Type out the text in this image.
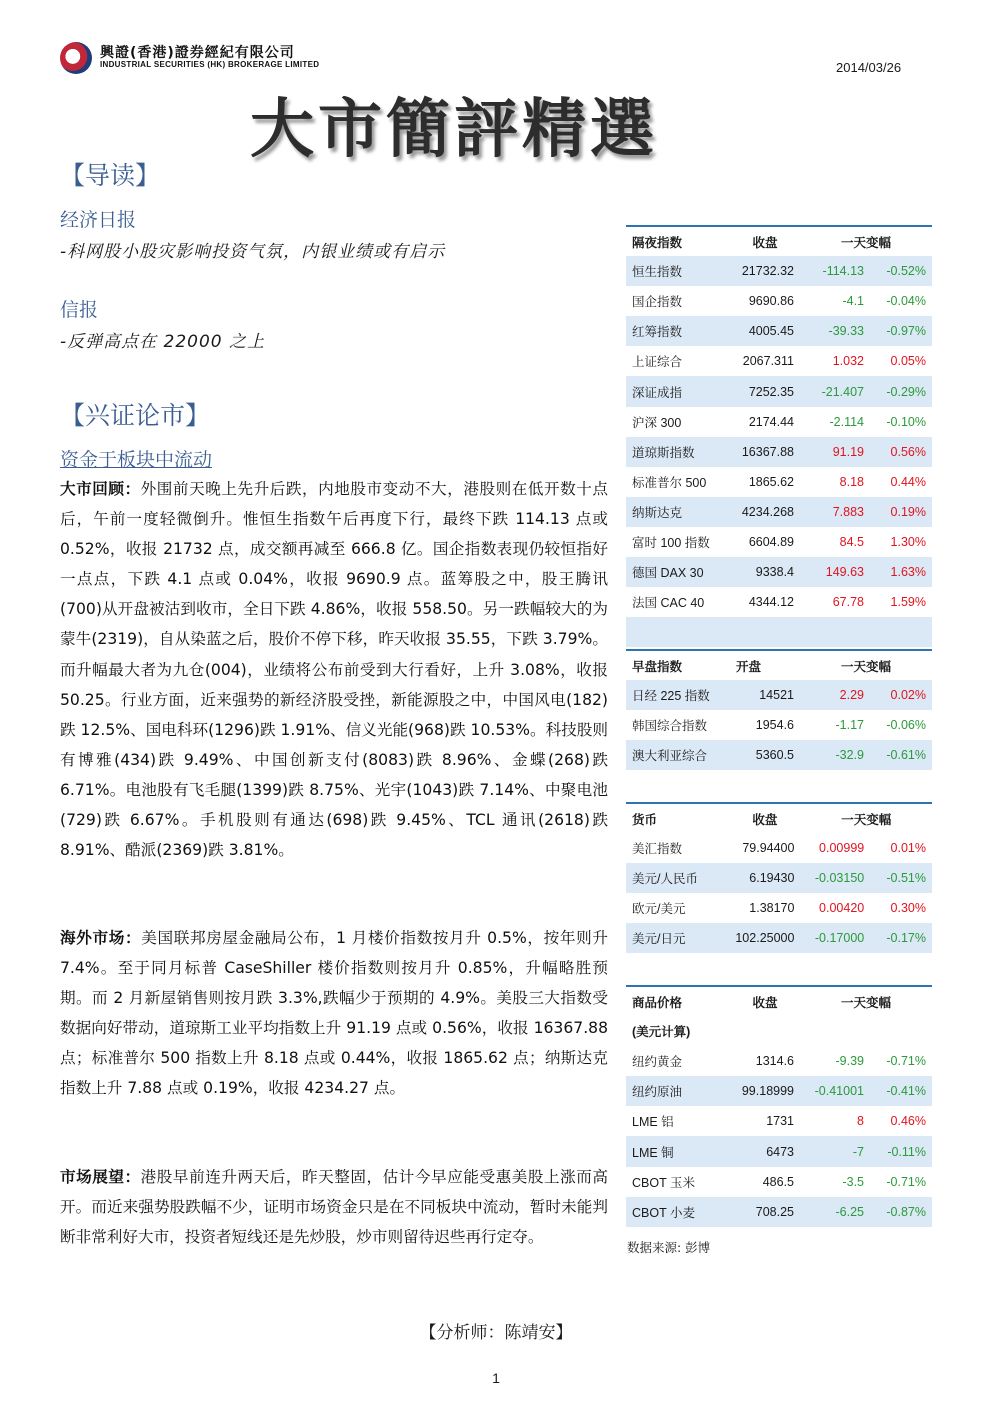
興證(香港)證券經紀有限公司
INDUSTRIAL SECURITIES (HK) BROKERAGE LIMITED	2014/03/26
大市簡評精選
【导读】
经济日报
-科网股小股灾影响投资气氛，内银业绩或有启示
信报
-反弹高点在 22000 之上
【兴证论市】
资金于板块中流动
大市回顾：外围前天晚上先升后跌，内地股市变动不大，港股则在低开数十点后，午前一度轻微倒升。惟恒生指数午后再度下行，最终下跌 114.13 点或 0.52%，收报 21732 点，成交额再减至 666.8 亿。国企指数表现仍较恒指好一点点，下跌 4.1 点或 0.04%，收报 9690.9 点。蓝筹股之中，股王腾讯(700)从开盘被沽到收市，全日下跌 4.86%，收报 558.50。另一跌幅较大的为蒙牛(2319)，自从染蓝之后，股价不停下移，昨天收报 35.55，下跌 3.79%。而升幅最大者为九仓(004)，业绩将公布前受到大行看好，上升 3.08%，收报 50.25。行业方面，近来强势的新经济股受挫，新能源股之中，中国风电(182)跌 12.5%、国电科环(1296)跌 1.91%、信义光能(968)跌 10.53%。科技股则有博雅(434)跌 9.49%、中国创新支付(8083)跌 8.96%、金蝶(268)跌 6.71%。电池股有飞毛腿(1399)跌 8.75%、光宇(1043)跌 7.14%、中聚电池(729)跌 6.67%。手机股则有通达(698)跌 9.45%、TCL 通讯(2618)跌 8.91%、酷派(2369)跌 3.81%。
海外市场：美国联邦房屋金融局公布，1 月楼价指数按月升 0.5%，按年则升 7.4%。至于同月标普 CaseShiller 楼价指数则按月升 0.85%，升幅略胜预期。而 2 月新屋销售则按月跌 3.3%,跌幅少于预期的 4.9%。美股三大指数受数据向好带动，道琼斯工业平均指数上升 91.19 点或 0.56%，收报 16367.88 点；标准普尔 500 指数上升 8.18 点或 0.44%，收报 1865.62 点；纳斯达克指数上升 7.88 点或 0.19%，收报 4234.27 点。
市场展望：港股早前连升两天后，昨天整固，估计今早应能受惠美股上涨而高开。而近来强势股跌幅不少，证明市场资金只是在不同板块中流动，暂时未能判断非常利好大市，投资者短线还是先炒股，炒市则留待迟些再行定夺。
【分析师：陈靖安】
1
隔夜指数	收盘	一天变幅	
恒生指数	21732.32	-114.13	-0.52%
国企指数	9690.86	-4.1	-0.04%
红筹指数	4005.45	-39.33	-0.97%
上证综合	2067.311	1.032	0.05%
深证成指	7252.35	-21.407	-0.29%
沪深 300	2174.44	-2.114	-0.10%
道琼斯指数	16367.88	91.19	0.56%
标准普尔 500	1865.62	8.18	0.44%
纳斯达克	4234.268	7.883	0.19%
富时 100 指数	6604.89	84.5	1.30%
德国 DAX 30	9338.4	149.63	1.63%
法国 CAC 40	4344.12	67.78	1.59%

早盘指数	开盘	一天变幅	
日经 225 指数	14521	2.29	0.02%
韩国综合指数	1954.6	-1.17	-0.06%
澳大利亚综合	5360.5	-32.9	-0.61%
货币	收盘	一天变幅	
美汇指数	79.94400	0.00999	0.01%
美元/人民币	6.19430	-0.03150	-0.51%
欧元/美元	1.38170	0.00420	0.30%
美元/日元	102.25000	-0.17000	-0.17%
商品价格	收盘	一天变幅	
(美元计算)			
纽约黄金	1314.6	-9.39	-0.71%
纽约原油	99.18999	-0.41001	-0.41%
LME 铝	1731	8	0.46%
LME 铜	6473	-7	-0.11%
CBOT 玉米	486.5	-3.5	-0.71%
CBOT 小麦	708.25	-6.25	-0.87%
数据来源: 彭博
